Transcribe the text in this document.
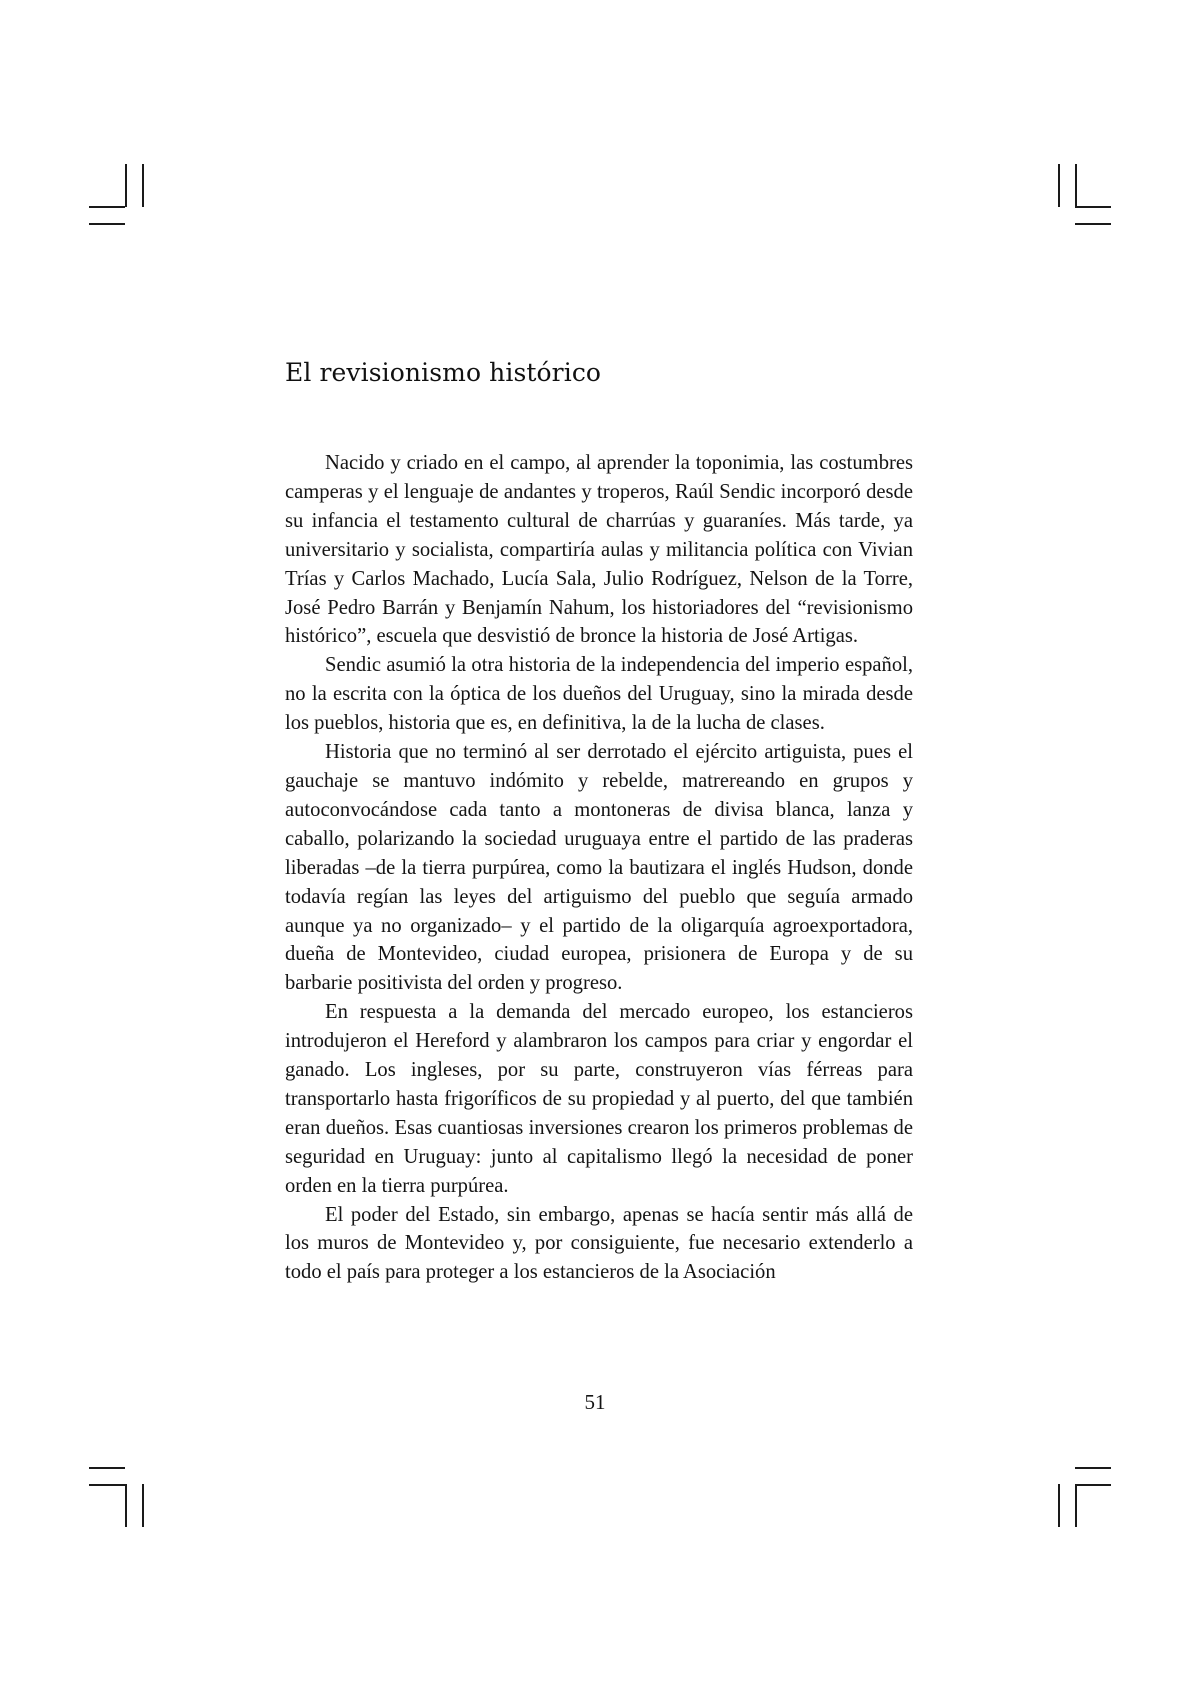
El revisionismo histórico

Nacido y criado en el campo, al aprender la toponimia, las costumbres camperas y el lenguaje de andantes y troperos, Raúl Sendic incorporó desde su infancia el testamento cultural de charrúas y guaraníes. Más tarde, ya universitario y socialista, compartiría aulas y militancia política con Vivian Trías y Carlos Machado, Lucía Sala, Julio Rodríguez, Nelson de la Torre, José Pedro Barrán y Benjamín Nahum, los historiadores del “revisionismo histórico”, escuela que desvistió de bronce la historia de José Artigas.

Sendic asumió la otra historia de la independencia del imperio español, no la escrita con la óptica de los dueños del Uruguay, sino la mirada desde los pueblos, historia que es, en definitiva, la de la lucha de clases.

Historia que no terminó al ser derrotado el ejército artiguista, pues el gauchaje se mantuvo indómito y rebelde, matrereando en grupos y autoconvocándose cada tanto a montoneras de divisa blanca, lanza y caballo, polarizando la sociedad uruguaya entre el partido de las praderas liberadas –de la tierra purpúrea, como la bautizara el inglés Hudson, donde todavía regían las leyes del artiguismo del pueblo que seguía armado aunque ya no organizado– y el partido de la oligarquía agroexportadora, dueña de Montevideo, ciudad europea, prisionera de Europa y de su barbarie positivista del orden y progreso.

En respuesta a la demanda del mercado europeo, los estancieros introdujeron el Hereford y alambraron los campos para criar y engordar el ganado. Los ingleses, por su parte, construyeron vías férreas para transportarlo hasta frigoríficos de su propiedad y al puerto, del que también eran dueños. Esas cuantiosas inversiones crearon los primeros problemas de seguridad en Uruguay: junto al capitalismo llegó la necesidad de poner orden en la tierra purpúrea.

El poder del Estado, sin embargo, apenas se hacía sentir más allá de los muros de Montevideo y, por consiguiente, fue necesario extenderlo a todo el país para proteger a los estancieros de la Asociación

51
